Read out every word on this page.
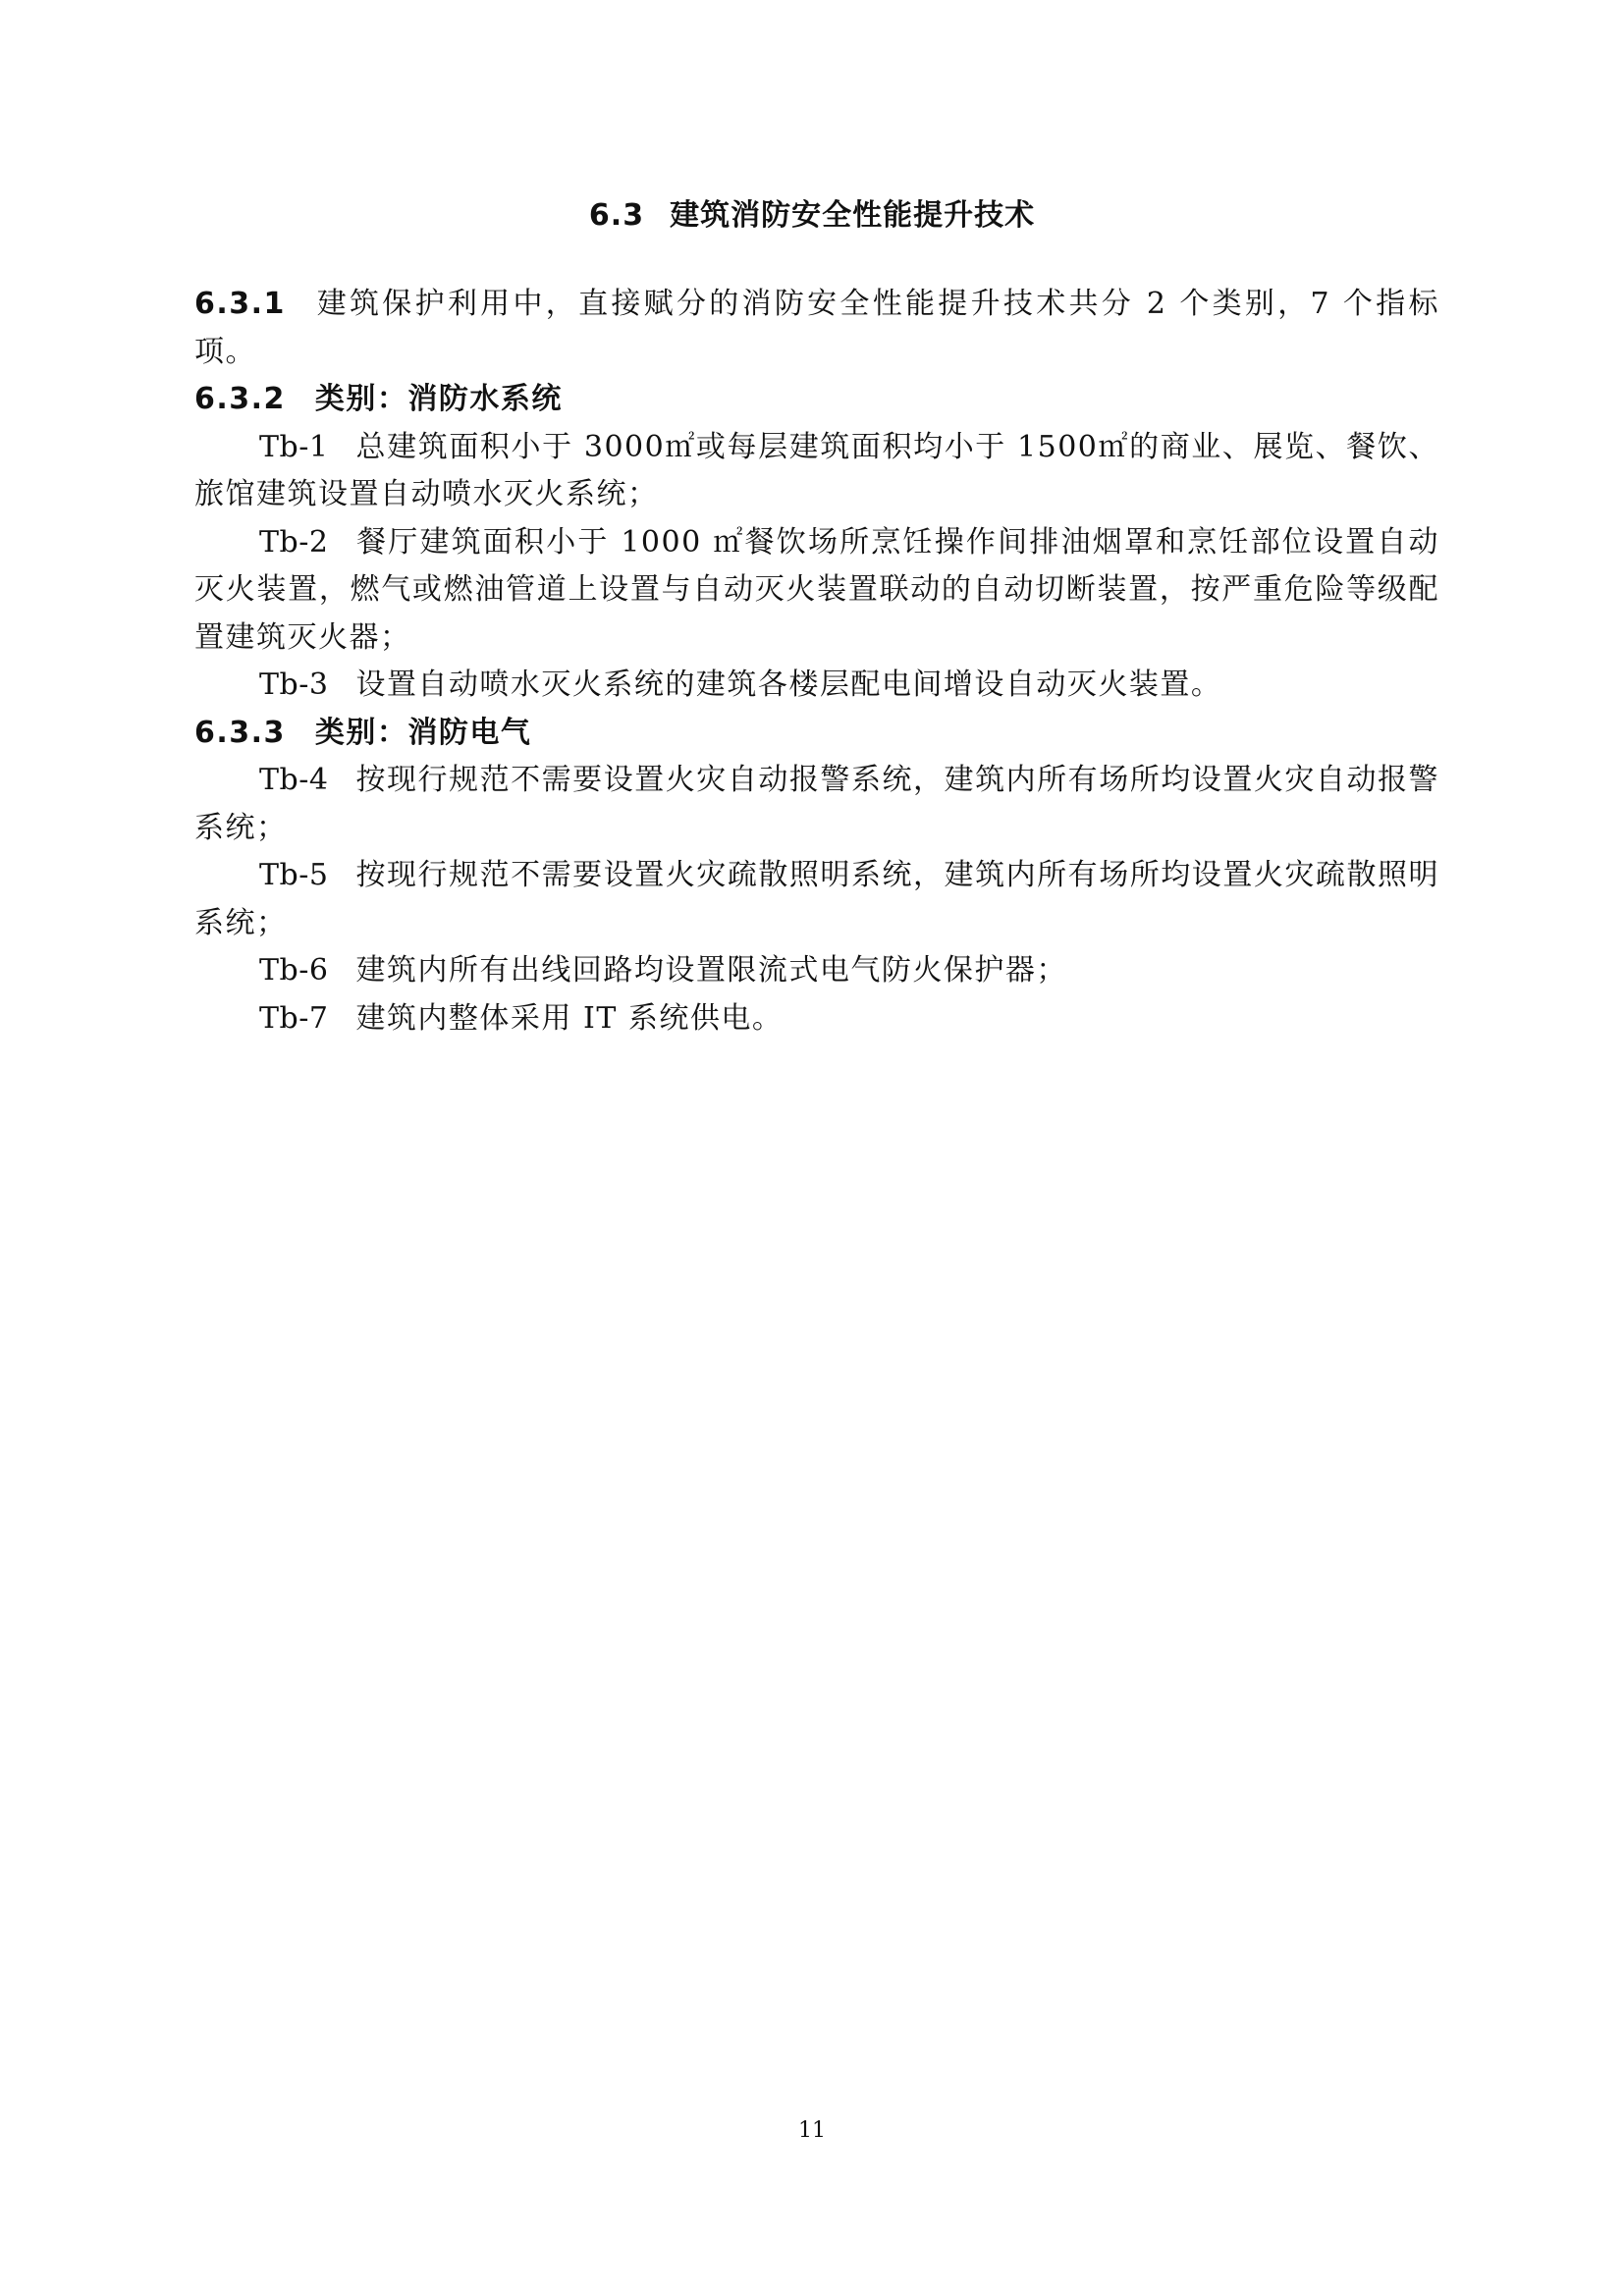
6.3 建筑消防安全性能提升技术

6.3.1 建筑保护利用中，直接赋分的消防安全性能提升技术共分 2 个类别，7 个指标项。

6.3.2 类别：消防水系统

Tb-1 总建筑面积小于 3000㎡或每层建筑面积均小于 1500㎡的商业、展览、餐饮、旅馆建筑设置自动喷水灭火系统；

Tb-2 餐厅建筑面积小于 1000 ㎡餐饮场所烹饪操作间排油烟罩和烹饪部位设置自动灭火装置，燃气或燃油管道上设置与自动灭火装置联动的自动切断装置，按严重危险等级配置建筑灭火器；

Tb-3 设置自动喷水灭火系统的建筑各楼层配电间增设自动灭火装置。

6.3.3 类别：消防电气

Tb-4 按现行规范不需要设置火灾自动报警系统，建筑内所有场所均设置火灾自动报警系统；

Tb-5 按现行规范不需要设置火灾疏散照明系统，建筑内所有场所均设置火灾疏散照明系统；

Tb-6 建筑内所有出线回路均设置限流式电气防火保护器；

Tb-7 建筑内整体采用 IT 系统供电。

11
